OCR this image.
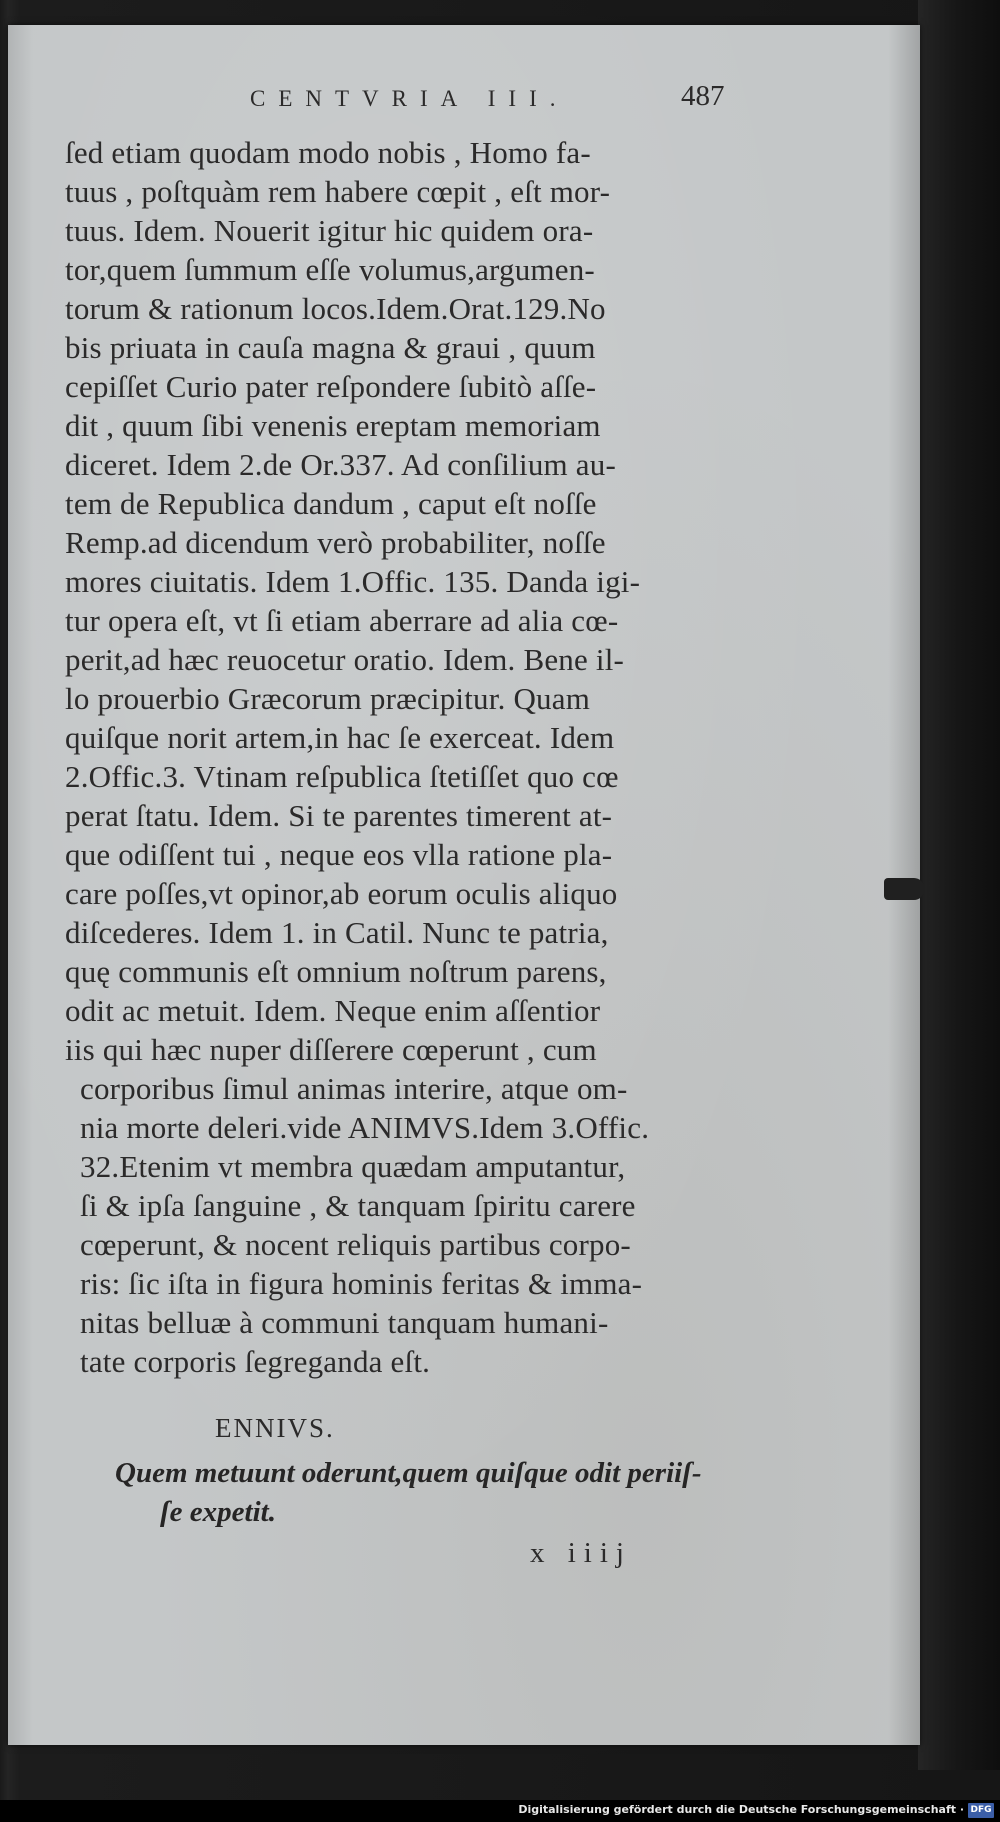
CENTVRIA III.	487

ſed etiam quodam modo nobis , Homo fa-

tuus , poſtquàm rem habere cœpit , eſt mor-

tuus. Idem. Nouerit igitur hic quidem ora-

tor,quem ſummum eſſe volumus,argumen-

torum & rationum locos.Idem.Orat.129.No

bis priuata in cauſa magna & graui , quum

cepiſſet Curio pater reſpondere ſubitò aſſe-

dit , quum ſibi venenis ereptam memoriam

diceret. Idem 2.de Or.337. Ad conſilium au-

tem de Republica dandum , caput eſt noſſe

Remp.ad dicendum verò probabiliter, noſſe

mores ciuitatis. Idem 1.Offic. 135. Danda igi-

tur opera eſt, vt ſi etiam aberrare ad alia cœ-

perit,ad hæc reuocetur oratio. Idem. Bene il-

lo prouerbio Græcorum præcipitur. Quam

quiſque norit artem,in hac ſe exerceat. Idem

2.Offic.3. Vtinam reſpublica ſtetiſſet quo cœ

perat ſtatu. Idem. Si te parentes timerent at-

que odiſſent tui , neque eos vlla ratione pla-

care poſſes,vt opinor,ab eorum oculis aliquo

diſcederes. Idem 1. in Catil. Nunc te patria,

quę communis eſt omnium noſtrum parens,

odit ac metuit. Idem. Neque enim aſſentior

iis qui hæc nuper diſſerere cœperunt , cum

corporibus ſimul animas interire, atque om-

nia morte deleri.vide ANIMVS.Idem 3.Offic.

32.Etenim vt membra quædam amputantur,

ſi & ipſa ſanguine , & tanquam ſpiritu carere

cœperunt, & nocent reliquis partibus corpo-

ris: ſic iſta in figura hominis feritas & imma-

nitas belluæ à communi tanquam humani-

tate corporis ſegreganda eſt.

ENNIVS.

Quem metuunt oderunt,quem quiſque odit periiſ-

ſe expetit.

x iiij

Digitalisierung gefördert durch die Deutsche Forschungsgemeinschaft · DFG
